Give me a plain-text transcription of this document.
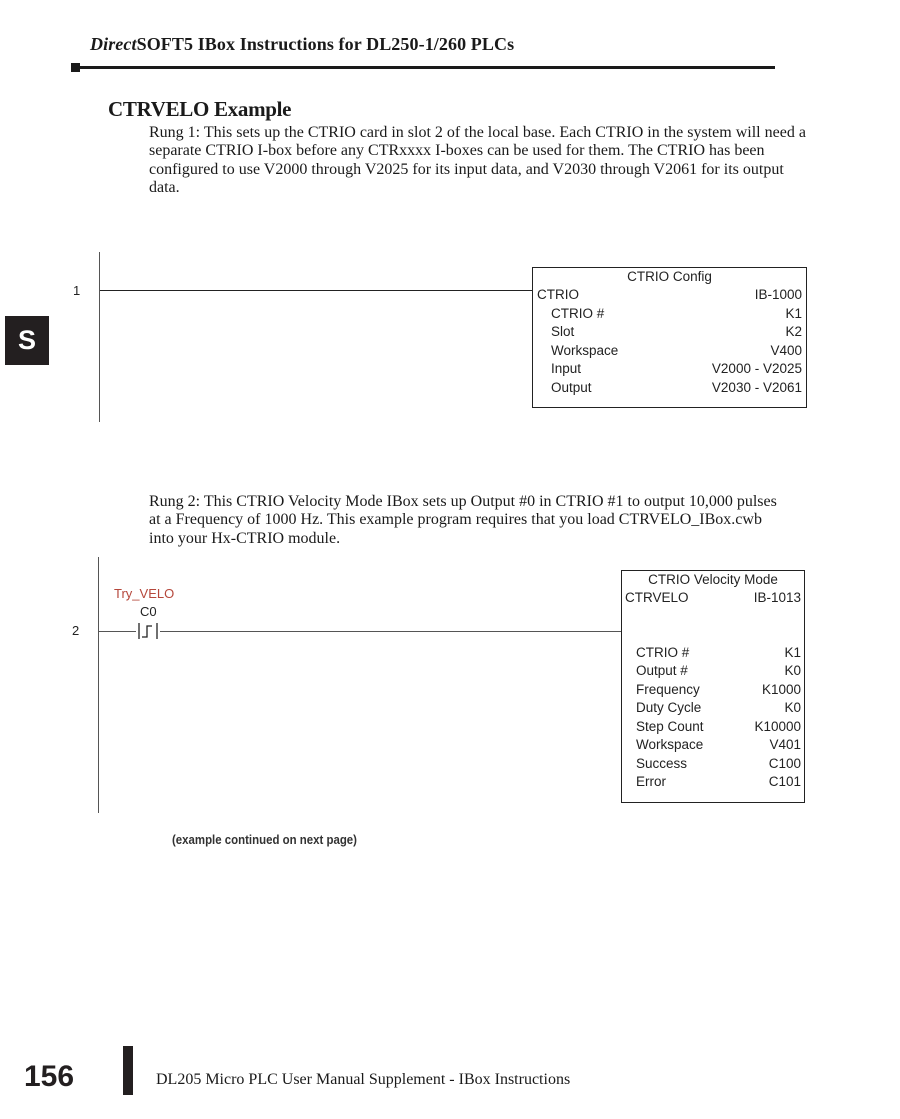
DirectSOFT5 IBox Instructions for DL250-1/260 PLCs
S
CTRVELO Example
Rung 1: This sets up the CTRIO card in slot 2 of the local base. Each CTRIO in the system will need a separate CTRIO I-box before any CTRxxxx I-boxes can be used for them. The CTRIO has been configured to use V2000 through V2025 for its input data, and V2030 through V2061 for its output data.
1
CTRIO Config
CTRIO	IB-1000
CTRIO #	K1
Slot	K2
Workspace	V400
Input	V2000 - V2025
Output	V2030 - V2061
Rung 2: This CTRIO Velocity Mode IBox sets up Output #0 in CTRIO #1 to output 10,000 pulses at a Frequency of 1000 Hz. This example program requires that you load CTRVELO_IBox.cwb into your Hx-CTRIO module.
2
Try_VELO
C0
CTRIO Velocity Mode
CTRVELO	IB-1013
CTRIO #	K1
Output #	K0
Frequency	K1000
Duty Cycle	K0
Step Count	K10000
Workspace	V401
Success	C100
Error	C101
(example continued on next page)
156	DL205 Micro PLC User Manual Supplement - IBox Instructions
